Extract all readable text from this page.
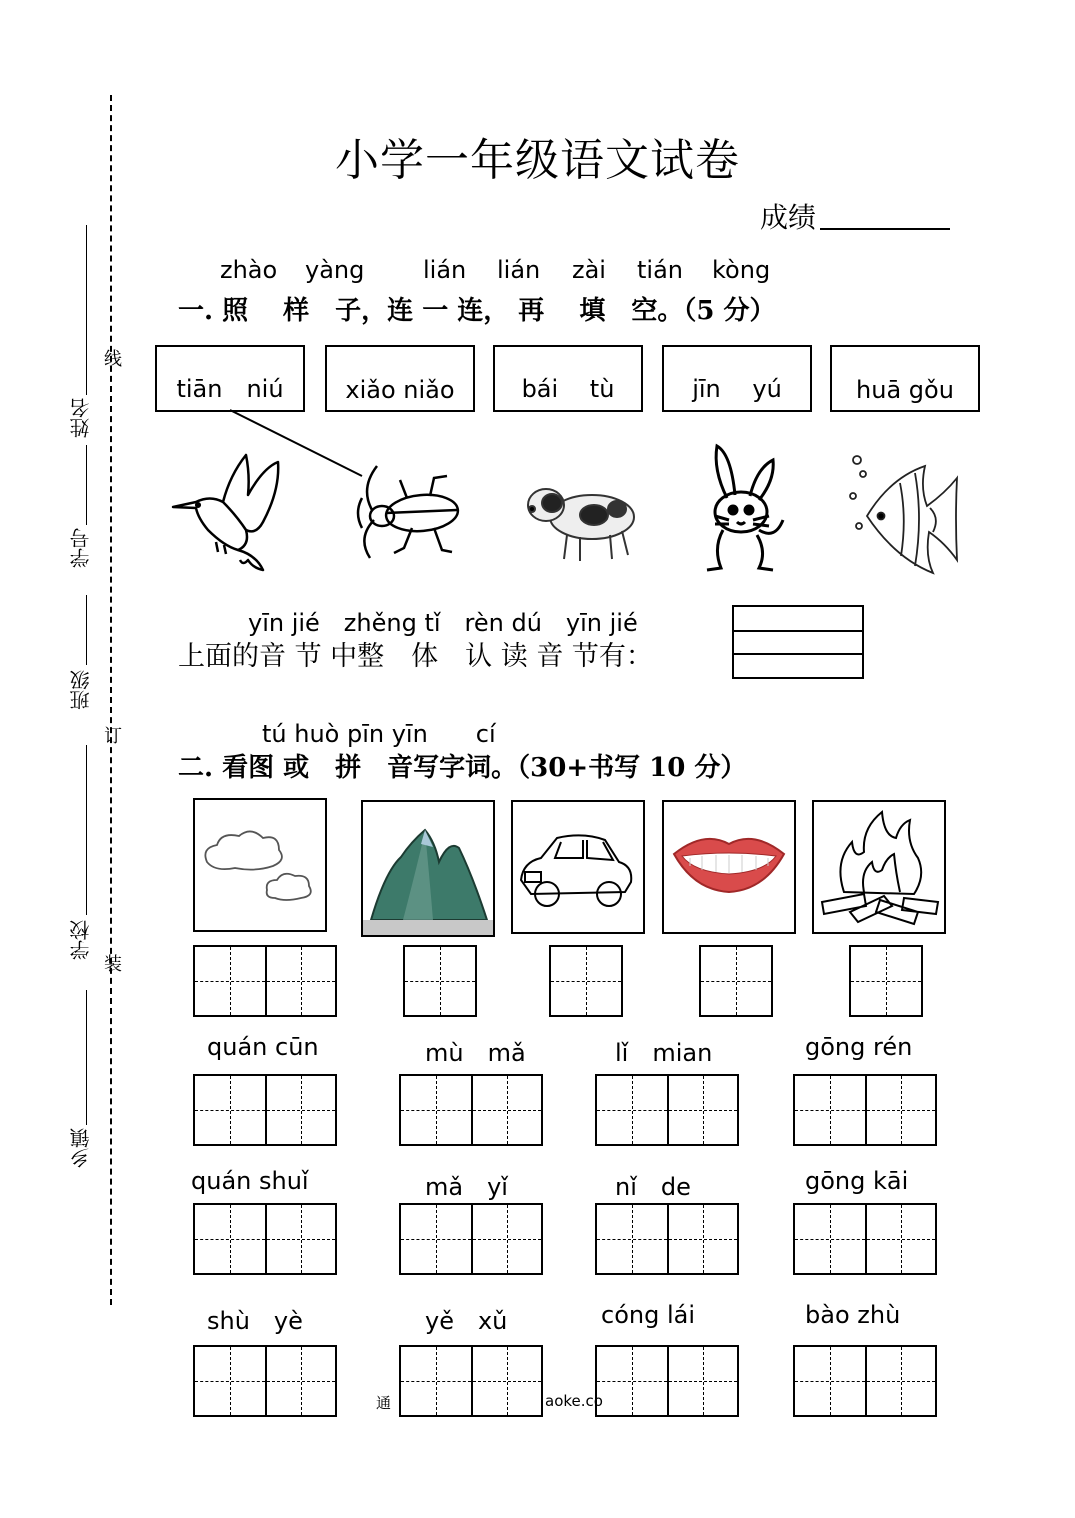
线
订
装
姓名
学号
班级
学校
乡镇
小学一年级语文试卷
成绩
zhào yàng lián lián zài tián kòng
一. 照　 样　子，连 一 连， 再　 填　空。（5 分）
tiān　niú	xiǎo niǎo	bái　 tù	jīn　 yú	huā gǒu
yīn jié　zhěng tǐ　rèn dú　yīn jié
上面的音 节 中整　体　认 读 音 节有：
tú huò pīn yīn　　cí
二. 看图 或　拼　音写字词。（30+书写 10 分）
quán cūn	mù　mǎ	lǐ　mian	gōng rén
quán shuǐ	mǎ　yǐ	nǐ　de	gōng kāi
shù　yè	yě　xǔ	cóng lái	bào zhù
通	aoke.co
